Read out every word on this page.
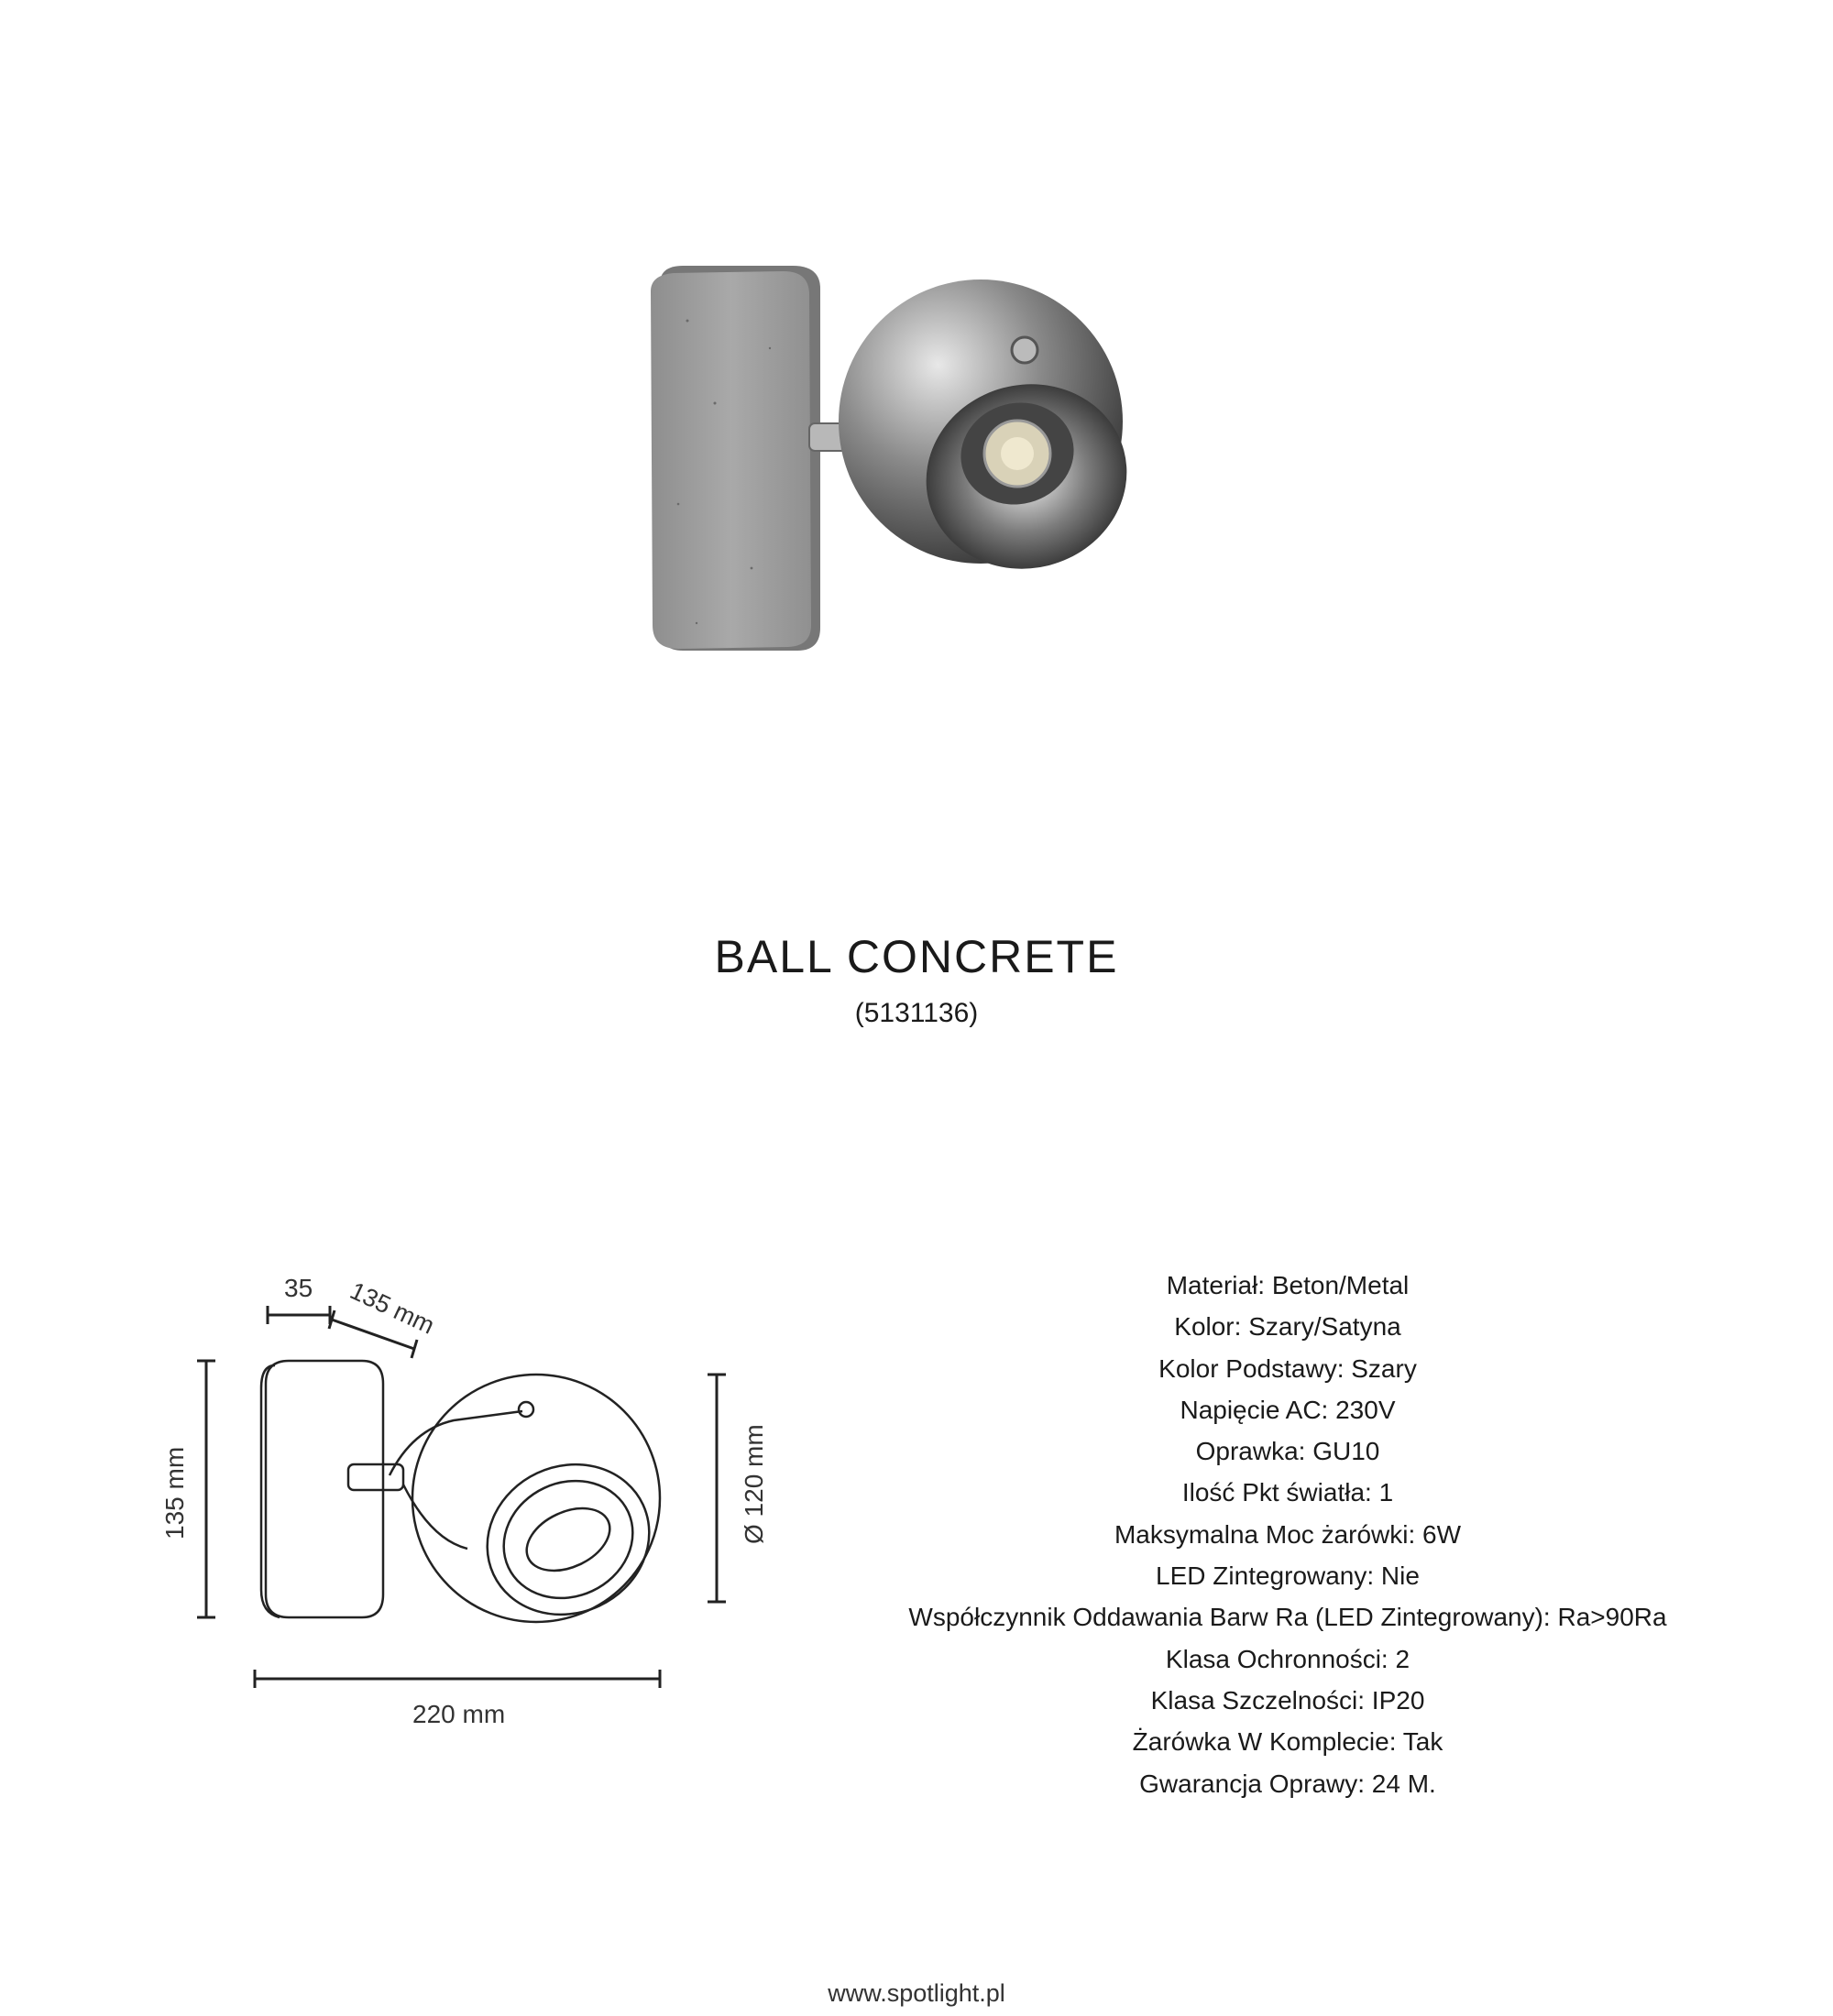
BALL CONCRETE
(5131136)
35 135 mm
135 mm	Ø 120 mm
220 mm
Materiał: Beton/Metal
Kolor: Szary/Satyna
Kolor Podstawy: Szary
Napięcie AC: 230V
Oprawka: GU10
Ilość Pkt światła: 1
Maksymalna Moc żarówki: 6W
LED Zintegrowany: Nie
Współczynnik Oddawania Barw Ra (LED Zintegrowany): Ra>90Ra
Klasa Ochronności: 2
Klasa Szczelności: IP20
Żarówka W Komplecie: Tak
Gwarancja Oprawy: 24 M.
www.spotlight.pl
